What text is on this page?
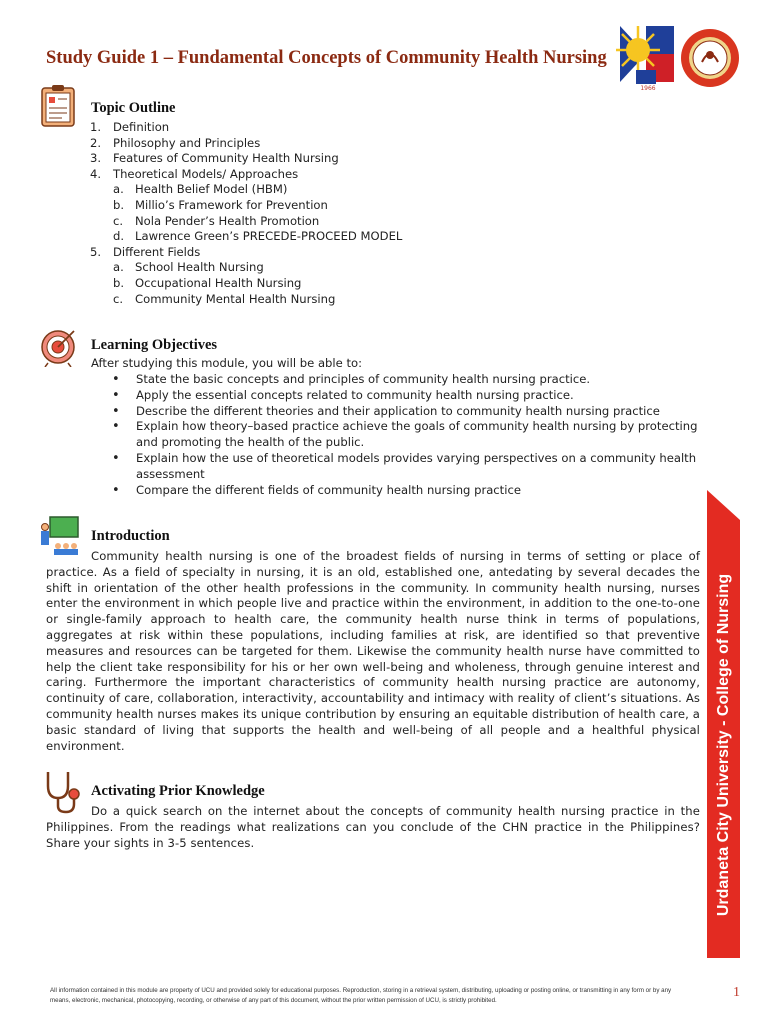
Study Guide 1 – Fundamental Concepts of Community Health Nursing
1966
Topic Outline
1. Definition
2. Philosophy and Principles
3. Features of Community Health Nursing
4. Theoretical Models/ Approaches
a. Health Belief Model (HBM)
b. Millio’s Framework for Prevention
c. Nola Pender’s Health Promotion
d. Lawrence Green’s PRECEDE-PROCEED MODEL
5. Different Fields
a. School Health Nursing
b. Occupational Health Nursing
c. Community Mental Health Nursing
Learning Objectives
After studying this module, you will be able to:
• State the basic concepts and principles of community health nursing practice.
• Apply the essential concepts related to community health nursing practice.
• Describe the different theories and their application to community health nursing practice
• Explain how theory–based practice achieve the goals of community health nursing by protecting and promoting the health of the public.
• Explain how the use of theoretical models provides varying perspectives on a community health assessment
• Compare the different fields of community health nursing practice
Introduction

Community health nursing is one of the broadest fields of nursing in terms of setting or place of practice. As a field of specialty in nursing, it is an old, established one, antedating by several decades the shift in orientation of the other health professions in the community. In community health nursing, nurses enter the environment in which people live and practice within the environment, in addition to the one-to-one or single-family approach to health care, the community health nurse think in terms of populations, aggregates at risk within these populations, including families at risk, are identified so that preventive measures and resources can be targeted for them. Likewise the community health nurse have committed to help the client take responsibility for his or her own well-being and wholeness, through genuine interest and caring. Furthermore the important characteristics of community health nursing practice are autonomy, continuity of care, collaboration, interactivity, accountability and intimacy with reality of client’s situations. As community health nurses makes its unique contribution by ensuring an equitable distribution of health care, a basic standard of living that supports the health and well-being of all people and a healthful physical environment.

Activating Prior Knowledge

Do a quick search on the internet about the concepts of community health nursing practice in the Philippines. From the readings what realizations can you conclude of the CHN practice in the Philippines? Share your sights in 3-5 sentences.	Urdaneta City University - College of Nursing
All information contained in this module are property of UCU and provided solely for educational purposes. Reproduction, storing in a retrieval system, distributing, uploading or posting online, or transmitting in any form or by any means, electronic, mechanical, photocopying, recording, or otherwise of any part of this document, without the prior written permission of UCU, is strictly prohibited.
1
